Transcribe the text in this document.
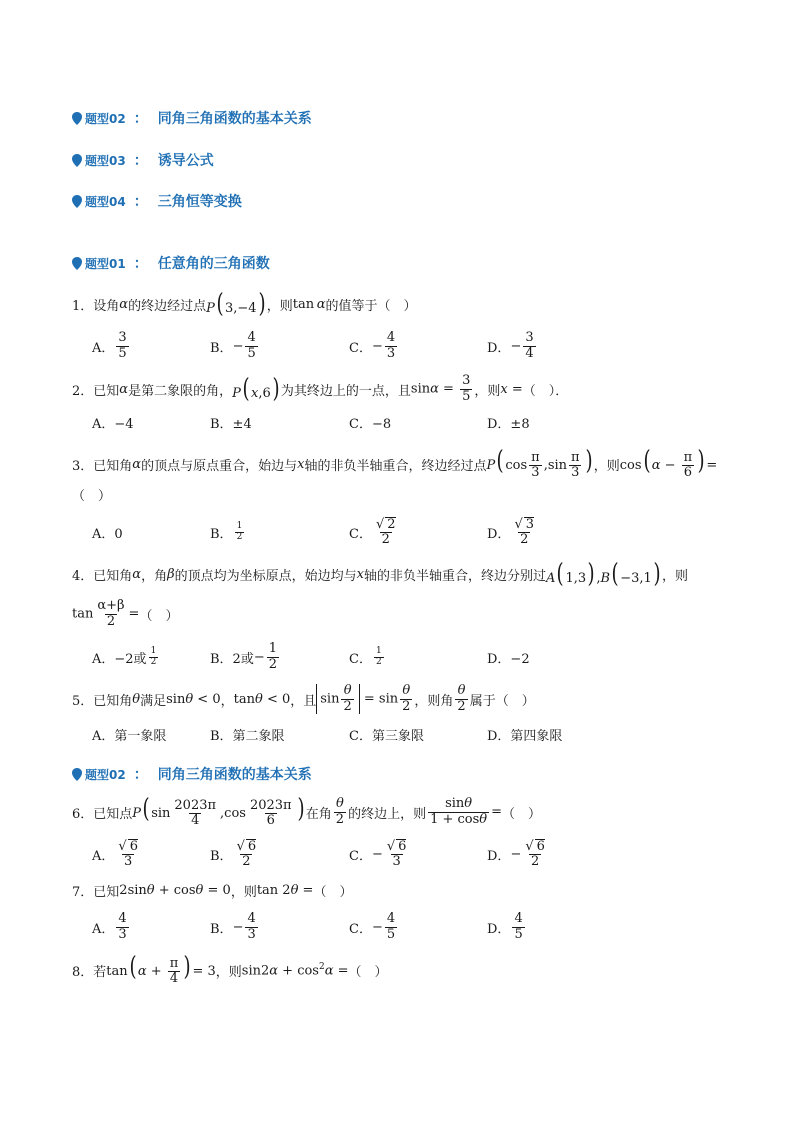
题型02 ： 同角三角函数的基本关系
题型03 ： 诱导公式
题型04 ： 三角恒等变换
题型01 ： 任意角的三角函数
1． 设角 α 的终边经过点 P( 3,−4) ，则 tan α 的值等于（　）
A． $\frac{3}{5}$	B． − $\frac{4}{5}$	C． − $\frac{4}{3}$	D． − $\frac{3}{4}$
2． 已知 α 是第二象限的角， P( x,6) 为其终边上的一点，且 $\sin\alpha = \frac{3}{5}$ ，则 x = （　）．
A．−4	B．±4	C．−8	D．±8
3． 已知角 α 的顶点与原点重合，始边与 x 轴的非负半轴重合，终边经过点 P( $\cos \frac{\pi}{3} ,\sin \frac{\pi}{3}$ ) ，则 cos( $\alpha - \frac{\pi}{6}$ ) =
（　）
A．0	B． $\frac{1}{2}$	C． $\frac{√ 2}{2}$	D． $\frac{√ 3}{2}$
4． 已知角 α ，角 β 的顶点均为坐标原点，始边均与 x 轴的非负半轴重合，终边分别过 A( 1,3) ,B( −3,1) ，则
$\tan \frac{\alpha+\beta}{2}$ = （　）
A．−2或 $\frac{1}{2}$	B．2或 − $\frac{1}{2}$	C． $\frac{1}{2}$	D．−2
5． 已知角 θ 满足 sinθ < 0 ， tanθ < 0 ，且 $\sin \frac{\theta}{2} = \sin \frac{\theta}{2}$ ，则角 $\frac{\theta}{2}$ 属于（　）
A．第一象限	B．第二象限	C．第三象限	D．第四象限
题型02 ： 同角三角函数的基本关系
6． 已知点 P( $\sin \frac{2023\pi}{4} ,\cos \frac{2023\pi}{6}$ ) 在角 $\frac{\theta}{2}$ 的终边上，则 $\frac{\sin\theta}{1 + \cos\theta}$ = （　）
A． $\frac{√ 6}{3}$	B． $\frac{√ 6}{2}$	C． − $\frac{√ 6}{3}$	D． − $\frac{√ 6}{2}$
7． 已知 2sinθ + cosθ = 0 ，则 tan 2θ = （　）
A． $\frac{4}{3}$	B． − $\frac{4}{3}$	C． − $\frac{4}{5}$	D． $\frac{4}{5}$
8． 若 tan( $\alpha + \frac{\pi}{4}$ ) = 3 ，则 $\sin 2\alpha + \cos^2\alpha$ = （　）
